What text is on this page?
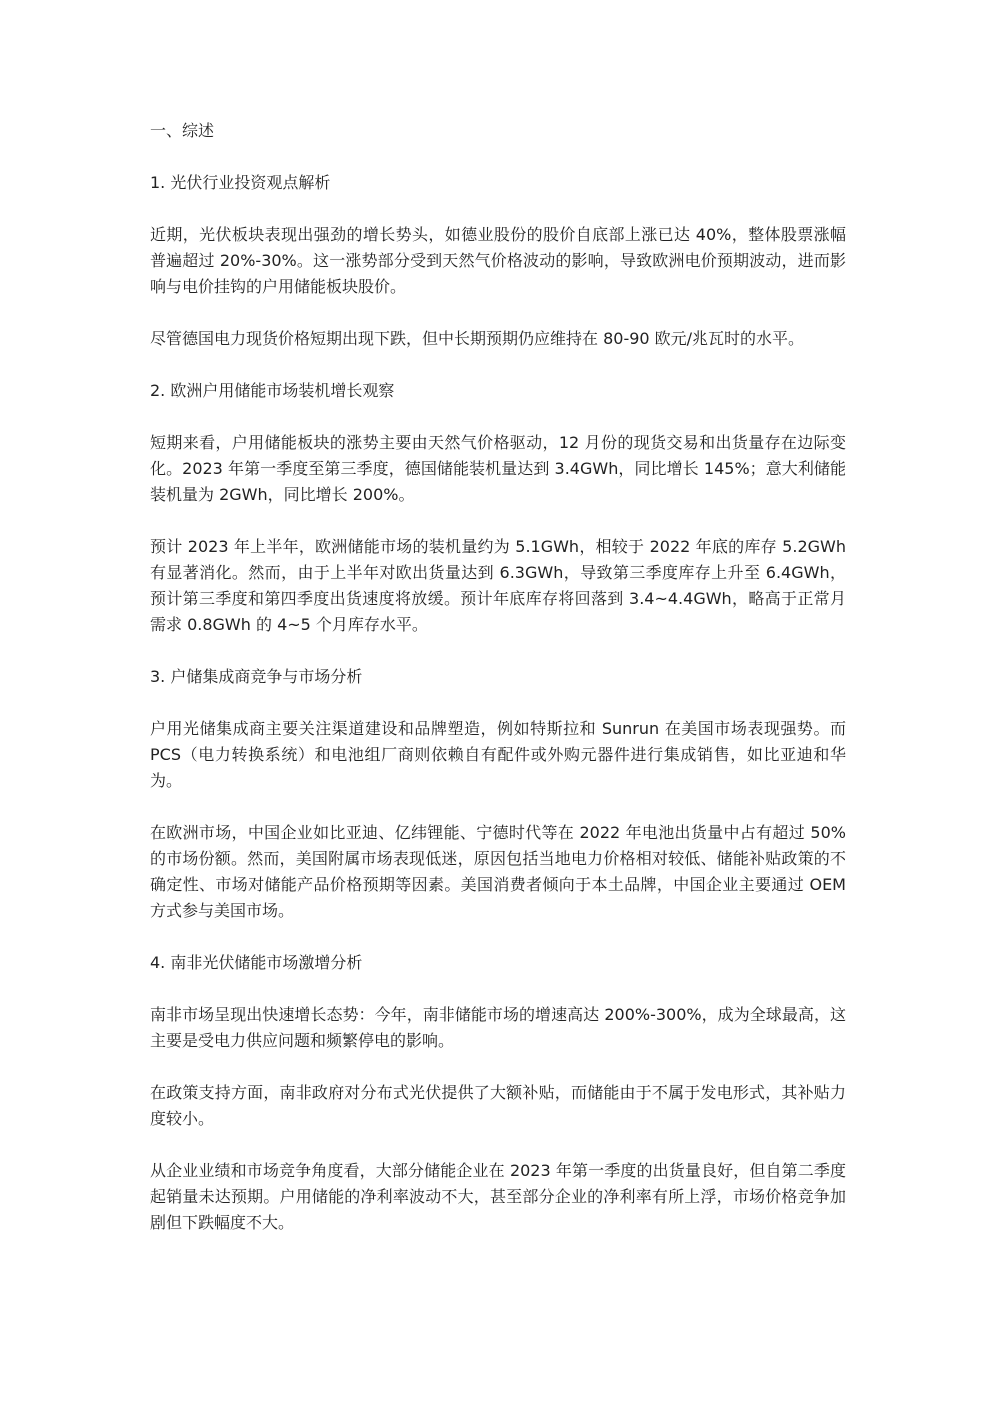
一、综述
1. 光伏行业投资观点解析
近期，光伏板块表现出强劲的增长势头，如德业股份的股价自底部上涨已达 40%，整体股票涨幅普遍超过 20%-30%。这一涨势部分受到天然气价格波动的影响，导致欧洲电价预期波动，进而影响与电价挂钩的户用储能板块股价。
尽管德国电力现货价格短期出现下跌，但中长期预期仍应维持在 80-90 欧元/兆瓦时的水平。
2. 欧洲户用储能市场装机增长观察
短期来看，户用储能板块的涨势主要由天然气价格驱动，12 月份的现货交易和出货量存在边际变化。2023 年第一季度至第三季度，德国储能装机量达到 3.4GWh，同比增长 145%；意大利储能装机量为 2GWh，同比增长 200%。
预计 2023 年上半年，欧洲储能市场的装机量约为 5.1GWh，相较于 2022 年底的库存 5.2GWh 有显著消化。然而，由于上半年对欧出货量达到 6.3GWh，导致第三季度库存上升至 6.4GWh，预计第三季度和第四季度出货速度将放缓。预计年底库存将回落到 3.4~4.4GWh，略高于正常月需求 0.8GWh 的 4~5 个月库存水平。
3. 户储集成商竞争与市场分析
户用光储集成商主要关注渠道建设和品牌塑造，例如特斯拉和 Sunrun 在美国市场表现强势。而 PCS（电力转换系统）和电池组厂商则依赖自有配件或外购元器件进行集成销售，如比亚迪和华为。
在欧洲市场，中国企业如比亚迪、亿纬锂能、宁德时代等在 2022 年电池出货量中占有超过 50%的市场份额。然而，美国附属市场表现低迷，原因包括当地电力价格相对较低、储能补贴政策的不确定性、市场对储能产品价格预期等因素。美国消费者倾向于本土品牌，中国企业主要通过 OEM 方式参与美国市场。
4. 南非光伏储能市场激增分析
南非市场呈现出快速增长态势：今年，南非储能市场的增速高达 200%-300%，成为全球最高，这主要是受电力供应问题和频繁停电的影响。
在政策支持方面，南非政府对分布式光伏提供了大额补贴，而储能由于不属于发电形式，其补贴力度较小。
从企业业绩和市场竞争角度看，大部分储能企业在 2023 年第一季度的出货量良好，但自第二季度起销量未达预期。户用储能的净利率波动不大，甚至部分企业的净利率有所上浮，市场价格竞争加剧但下跌幅度不大。
